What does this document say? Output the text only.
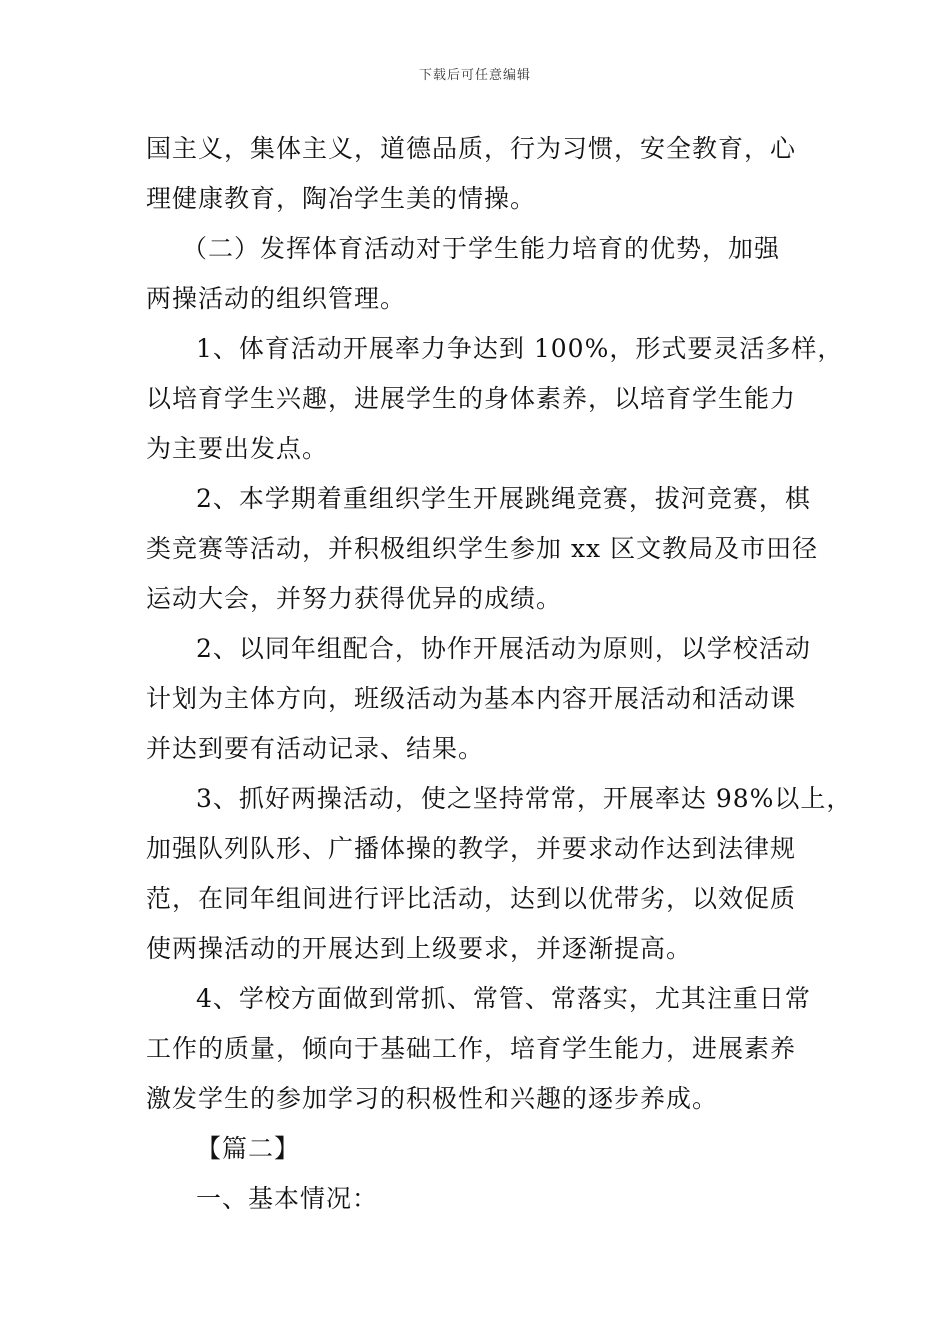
下载后可任意编辑

国主义，集体主义，道德品质，行为习惯，安全教育，心
理健康教育，陶冶学生美的情操。

（二）发挥体育活动对于学生能力培育的优势，加强
两操活动的组织管理。

1、体育活动开展率力争达到 100%，形式要灵活多样，
以培育学生兴趣，进展学生的身体素养，以培育学生能力
为主要出发点。

2、本学期着重组织学生开展跳绳竞赛，拔河竞赛，棋
类竞赛等活动，并积极组织学生参加 xx 区文教局及市田径
运动大会，并努力获得优异的成绩。

2、以同年组配合，协作开展活动为原则，以学校活动
计划为主体方向，班级活动为基本内容开展活动和活动课
并达到要有活动记录、结果。

3、抓好两操活动，使之坚持常常，开展率达 98%以上，
加强队列队形、广播体操的教学，并要求动作达到法律规
范，在同年组间进行评比活动，达到以优带劣，以效促质
使两操活动的开展达到上级要求，并逐渐提高。

4、学校方面做到常抓、常管、常落实，尤其注重日常
工作的质量，倾向于基础工作，培育学生能力，进展素养
激发学生的参加学习的积极性和兴趣的逐步养成。

【篇二】

一、基本情况：
